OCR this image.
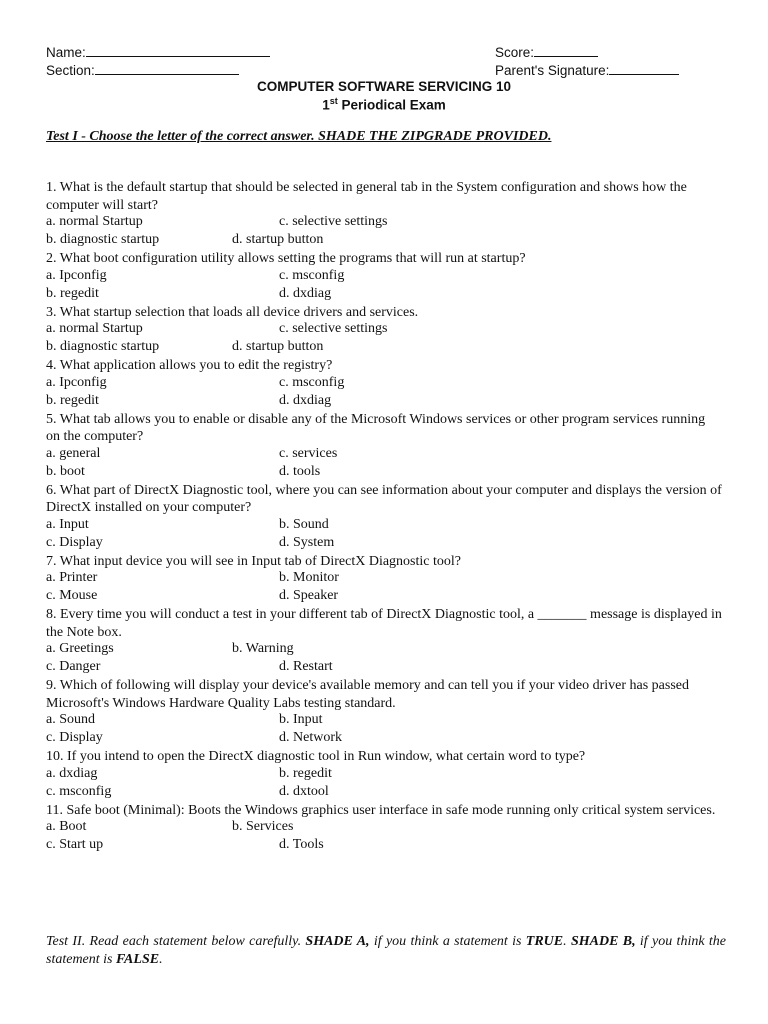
Name:
Section:
Score:
Parent's Signature:
COMPUTER SOFTWARE SERVICING 10
1st Periodical Exam
Test I - Choose the letter of the correct answer. SHADE THE ZIPGRADE PROVIDED.
1. What is the default startup that should be selected in general tab in the System configuration and shows how the computer will start?
a. normal Startup	c. selective settings
b. diagnostic startup	d. startup button
2. What boot configuration utility allows setting the programs that will run at startup?
a. Ipconfig	c. msconfig
b. regedit	d. dxdiag
3. What startup selection that loads all device drivers and services.
a. normal Startup	c. selective settings
b. diagnostic startup	d. startup button
4. What application allows you to edit the registry?
a. Ipconfig	c. msconfig
b. regedit	d. dxdiag
5. What tab allows you to enable or disable any of the Microsoft Windows services or other program services running on the computer?
a. general	c. services
b. boot	d. tools
6. What part of DirectX Diagnostic tool, where you can see information about your computer and displays the version of DirectX installed on your computer?
a. Input	b. Sound
c. Display	d. System
7. What input device you will see in Input tab of DirectX Diagnostic tool?
a. Printer	b. Monitor
c. Mouse	d. Speaker
8. Every time you will conduct a test in your different tab of DirectX Diagnostic tool, a _______ message is displayed in the Note box.
a. Greetings	b. Warning
c. Danger	d. Restart
9. Which of following will display your device's available memory and can tell you if your video driver has passed Microsoft's Windows Hardware Quality Labs testing standard.
a. Sound	b. Input
c. Display	d. Network
10. If you intend to open the DirectX diagnostic tool in Run window, what certain word to type?
a. dxdiag	b. regedit
c. msconfig	d. dxtool
11. Safe boot (Minimal): Boots the Windows graphics user interface in safe mode running only critical system services.
a. Boot	b. Services
c. Start up	d. Tools
Test II. Read each statement below carefully. SHADE A, if you think a statement is TRUE. SHADE B, if you think the statement is FALSE.
